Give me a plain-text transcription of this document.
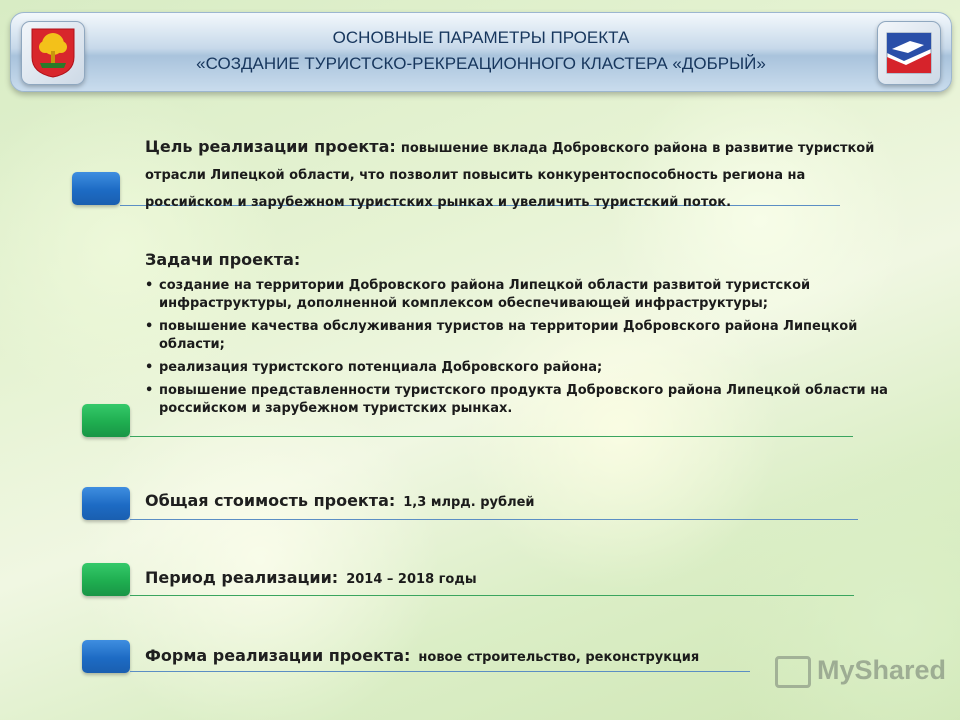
ОСНОВНЫЕ ПАРАМЕТРЫ ПРОЕКТА
«СОЗДАНИЕ ТУРИСТСКО-РЕКРЕАЦИОННОГО КЛАСТЕРА «ДОБРЫЙ»
Цель реализации проекта: повышение вклада Добровского района в развитие туристкой отрасли Липецкой области, что позволит повысить конкурентоспособность региона на российском и зарубежном туристских рынках и увеличить туристский поток.
Задачи проекта:
• создание на территории Добровского района Липецкой области развитой туристской инфраструктуры, дополненной комплексом обеспечивающей инфраструктуры;
• повышение качества обслуживания туристов на территории Добровского района Липецкой области;
• реализация туристского потенциала Добровского района;
• повышение представленности туристского продукта Добровского района Липецкой области на российском и зарубежном туристских рынках.
Общая стоимость проекта: 1,3 млрд. рублей
Период реализации: 2014 – 2018 годы
Форма реализации проекта: новое строительство, реконструкция	MyShared
